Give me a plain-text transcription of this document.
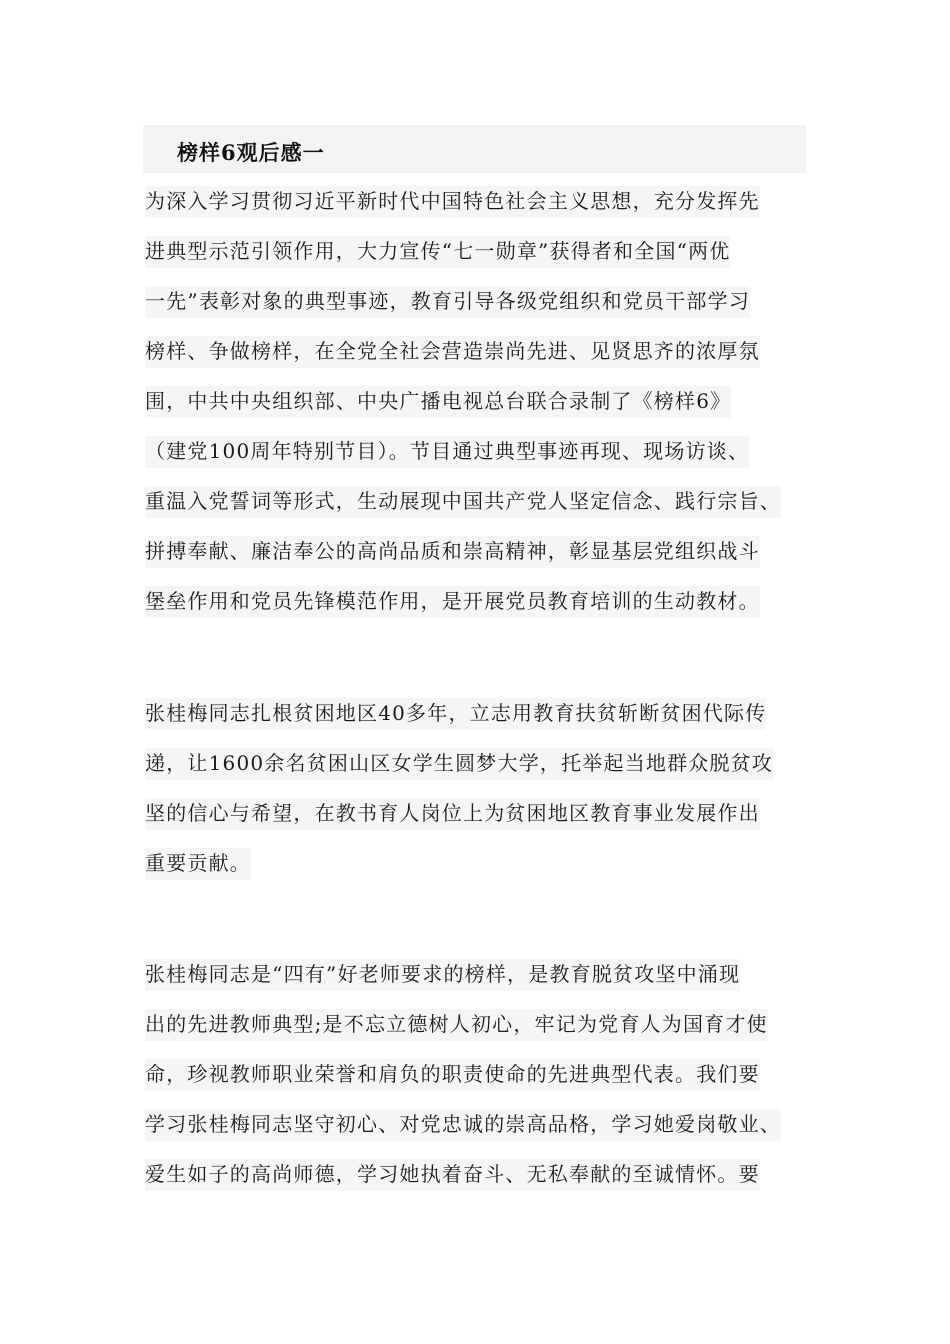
榜样6观后感一
为深入学习贯彻习近平新时代中国特色社会主义思想，充分发挥先
进典型示范引领作用，大力宣传“七一勋章”获得者和全国“两优
一先”表彰对象的典型事迹，教育引导各级党组织和党员干部学习
榜样、争做榜样，在全党全社会营造崇尚先进、见贤思齐的浓厚氛
围，中共中央组织部、中央广播电视总台联合录制了《榜样6》
（建党100周年特别节目）。节目通过典型事迹再现、现场访谈、
重温入党誓词等形式，生动展现中国共产党人坚定信念、践行宗旨、
拼搏奉献、廉洁奉公的高尚品质和崇高精神，彰显基层党组织战斗
堡垒作用和党员先锋模范作用，是开展党员教育培训的生动教材。
张桂梅同志扎根贫困地区40多年，立志用教育扶贫斩断贫困代际传
递，让1600余名贫困山区女学生圆梦大学，托举起当地群众脱贫攻
坚的信心与希望，在教书育人岗位上为贫困地区教育事业发展作出
重要贡献。
张桂梅同志是“四有”好老师要求的榜样，是教育脱贫攻坚中涌现
出的先进教师典型;是不忘立德树人初心，牢记为党育人为国育才使
命，珍视教师职业荣誉和肩负的职责使命的先进典型代表。我们要
学习张桂梅同志坚守初心、对党忠诚的崇高品格，学习她爱岗敬业、
爱生如子的高尚师德，学习她执着奋斗、无私奉献的至诚情怀。要
